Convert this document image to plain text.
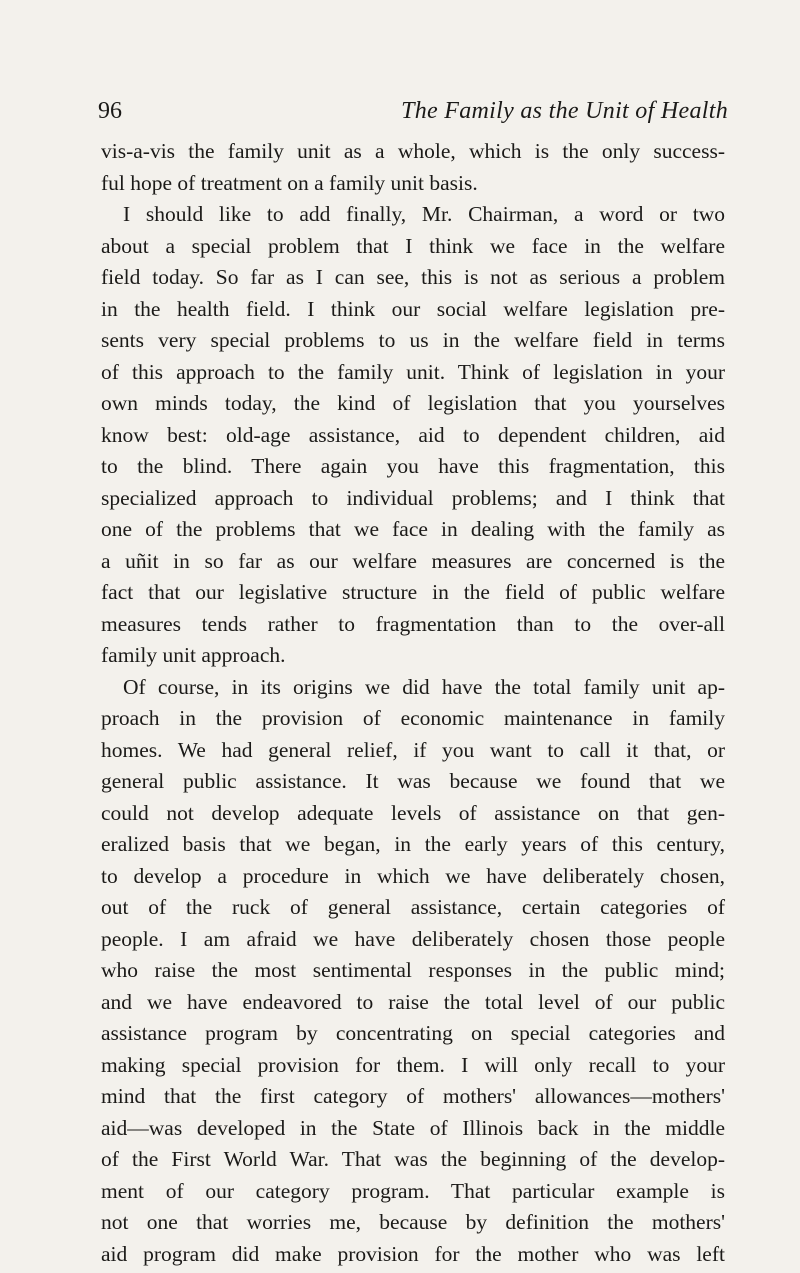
96	The Family as the Unit of Health

vis-a-vis the family unit as a whole, which is the only success-
ful hope of treatment on a family unit basis.

I should like to add finally, Mr. Chairman, a word or two
about a special problem that I think we face in the welfare
field today. So far as I can see, this is not as serious a problem
in the health field. I think our social welfare legislation pre-
sents very special problems to us in the welfare field in terms
of this approach to the family unit. Think of legislation in your
own minds today, the kind of legislation that you yourselves
know best: old-age assistance, aid to dependent children, aid
to the blind. There again you have this fragmentation, this
specialized approach to individual problems; and I think that
one of the problems that we face in dealing with the family as
a uñit in so far as our welfare measures are concerned is the
fact that our legislative structure in the field of public welfare
measures tends rather to fragmentation than to the over-all
family unit approach.

Of course, in its origins we did have the total family unit ap-
proach in the provision of economic maintenance in family
homes. We had general relief, if you want to call it that, or
general public assistance. It was because we found that we
could not develop adequate levels of assistance on that gen-
eralized basis that we began, in the early years of this century,
to develop a procedure in which we have deliberately chosen,
out of the ruck of general assistance, certain categories of
people. I am afraid we have deliberately chosen those people
who raise the most sentimental responses in the public mind;
and we have endeavored to raise the total level of our public
assistance program by concentrating on special categories and
making special provision for them. I will only recall to your
mind that the first category of mothers' allowances—mothers'
aid—was developed in the State of Illinois back in the middle
of the First World War. That was the beginning of the develop-
ment of our category program. That particular example is
not one that worries me, because by definition the mothers'
aid program did make provision for the mother who was left
